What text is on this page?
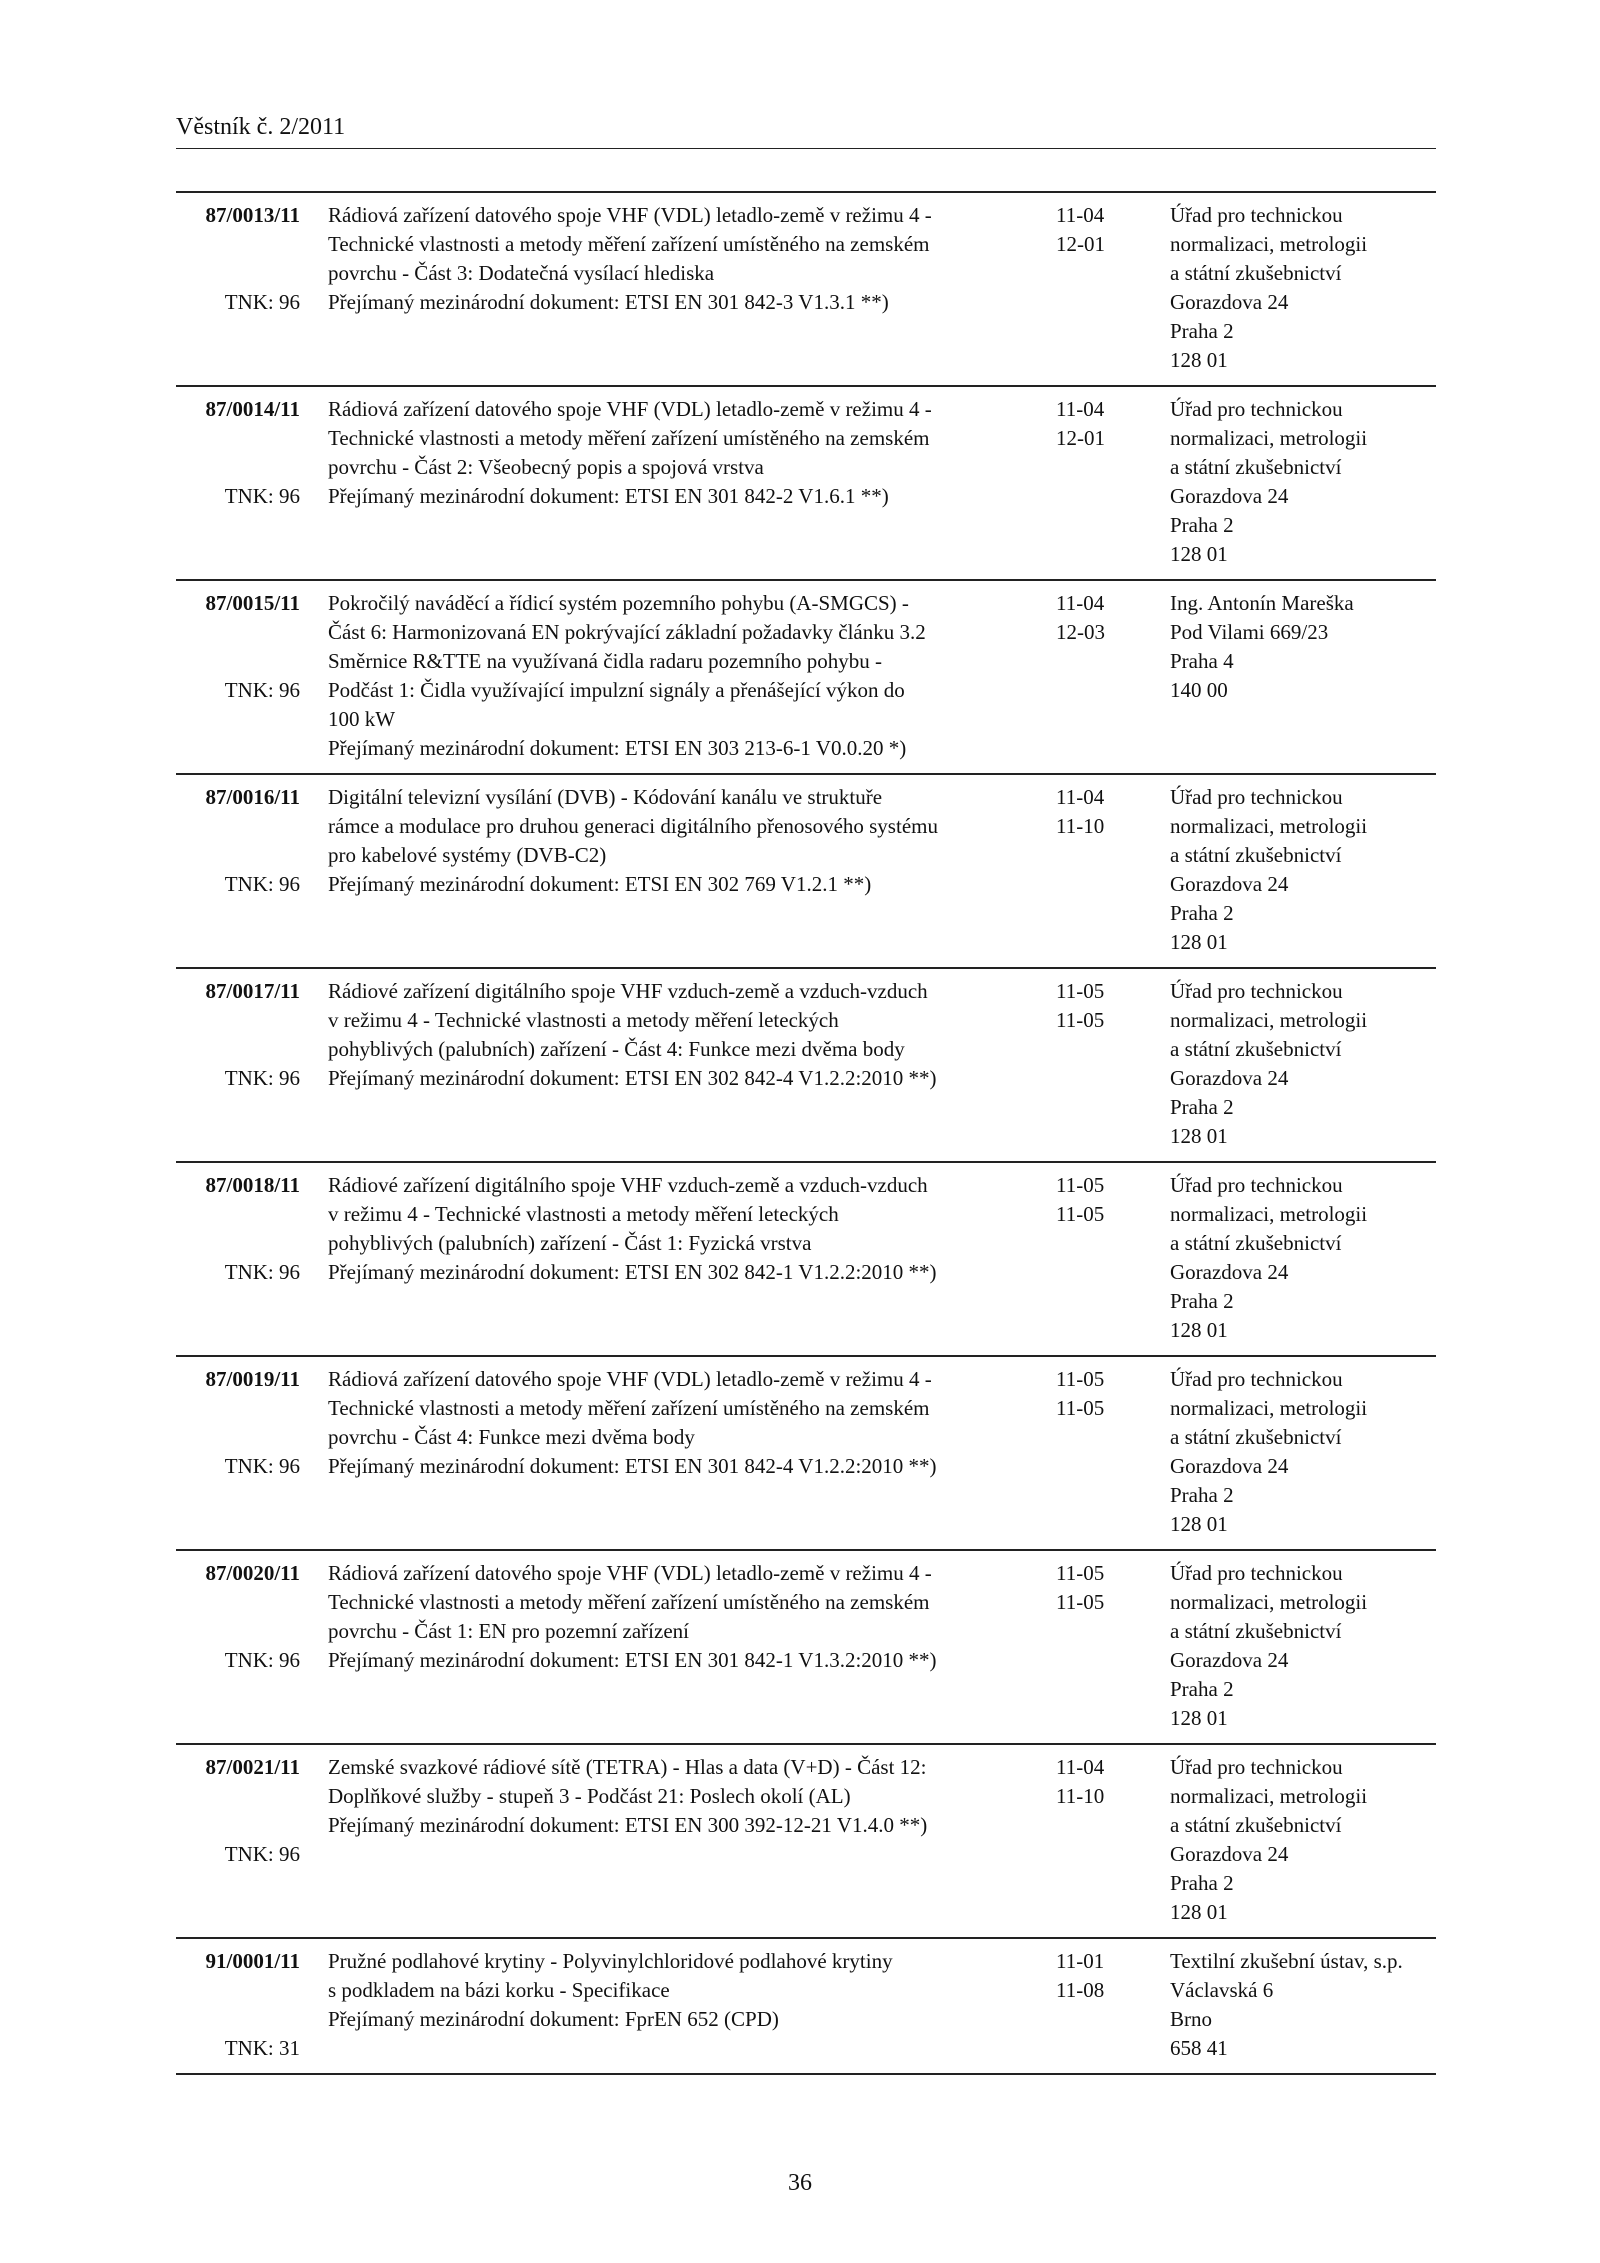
Věstník č. 2/2011
87/0013/11
TNK: 96
Rádiová zařízení datového spoje VHF (VDL) letadlo-země v režimu 4 -
Technické vlastnosti a metody měření zařízení umístěného na zemském
povrchu - Část 3: Dodatečná vysílací hlediska
Přejímaný mezinárodní dokument: ETSI EN 301 842-3 V1.3.1 **)
11-04
12-01
Úřad pro technickou
normalizaci, metrologii
a státní zkušebnictví
Gorazdova 24
Praha 2
128 01
87/0014/11
TNK: 96
Rádiová zařízení datového spoje VHF (VDL) letadlo-země v režimu 4 -
Technické vlastnosti a metody měření zařízení umístěného na zemském
povrchu - Část 2: Všeobecný popis a spojová vrstva
Přejímaný mezinárodní dokument: ETSI EN 301 842-2 V1.6.1 **)
11-04
12-01
Úřad pro technickou
normalizaci, metrologii
a státní zkušebnictví
Gorazdova 24
Praha 2
128 01
87/0015/11
TNK: 96
Pokročilý naváděcí a řídicí systém pozemního pohybu (A-SMGCS) -
Část 6: Harmonizovaná EN pokrývající základní požadavky článku 3.2
Směrnice R&TTE na využívaná čidla radaru pozemního pohybu -
Podčást 1: Čidla využívající impulzní signály a přenášející výkon do
100 kW
Přejímaný mezinárodní dokument: ETSI EN 303 213-6-1 V0.0.20 *)
11-04
12-03
Ing. Antonín Mareška
Pod Vilami 669/23
Praha 4
140 00
87/0016/11
TNK: 96
Digitální televizní vysílání (DVB) - Kódování kanálu ve struktuře
rámce a modulace pro druhou generaci digitálního přenosového systému
pro kabelové systémy (DVB-C2)
Přejímaný mezinárodní dokument: ETSI EN 302 769 V1.2.1 **)
11-04
11-10
Úřad pro technickou
normalizaci, metrologii
a státní zkušebnictví
Gorazdova 24
Praha 2
128 01
87/0017/11
TNK: 96
Rádiové zařízení digitálního spoje VHF vzduch-země a vzduch-vzduch
v režimu 4 - Technické vlastnosti a metody měření leteckých
pohyblivých (palubních) zařízení - Část 4: Funkce mezi dvěma body
Přejímaný mezinárodní dokument: ETSI EN 302 842-4 V1.2.2:2010 **)
11-05
11-05
Úřad pro technickou
normalizaci, metrologii
a státní zkušebnictví
Gorazdova 24
Praha 2
128 01
87/0018/11
TNK: 96
Rádiové zařízení digitálního spoje VHF vzduch-země a vzduch-vzduch
v režimu 4 - Technické vlastnosti a metody měření leteckých
pohyblivých (palubních) zařízení - Část 1: Fyzická vrstva
Přejímaný mezinárodní dokument: ETSI EN 302 842-1 V1.2.2:2010 **)
11-05
11-05
Úřad pro technickou
normalizaci, metrologii
a státní zkušebnictví
Gorazdova 24
Praha 2
128 01
87/0019/11
TNK: 96
Rádiová zařízení datového spoje VHF (VDL) letadlo-země v režimu 4 -
Technické vlastnosti a metody měření zařízení umístěného na zemském
povrchu - Část 4: Funkce mezi dvěma body
Přejímaný mezinárodní dokument: ETSI EN 301 842-4 V1.2.2:2010 **)
11-05
11-05
Úřad pro technickou
normalizaci, metrologii
a státní zkušebnictví
Gorazdova 24
Praha 2
128 01
87/0020/11
TNK: 96
Rádiová zařízení datového spoje VHF (VDL) letadlo-země v režimu 4 -
Technické vlastnosti a metody měření zařízení umístěného na zemském
povrchu - Část 1: EN pro pozemní zařízení
Přejímaný mezinárodní dokument: ETSI EN 301 842-1 V1.3.2:2010 **)
11-05
11-05
Úřad pro technickou
normalizaci, metrologii
a státní zkušebnictví
Gorazdova 24
Praha 2
128 01
87/0021/11
TNK: 96
Zemské svazkové rádiové sítě (TETRA) - Hlas a data (V+D) - Část 12:
Doplňkové služby - stupeň 3 - Podčást 21: Poslech okolí (AL)
Přejímaný mezinárodní dokument: ETSI EN 300 392-12-21 V1.4.0 **)
11-04
11-10
Úřad pro technickou
normalizaci, metrologii
a státní zkušebnictví
Gorazdova 24
Praha 2
128 01
91/0001/11
TNK: 31
Pružné podlahové krytiny - Polyvinylchloridové podlahové krytiny
s podkladem na bázi korku - Specifikace
Přejímaný mezinárodní dokument: FprEN 652 (CPD)
11-01
11-08
Textilní zkušební ústav, s.p.
Václavská 6
Brno
658 41
36
